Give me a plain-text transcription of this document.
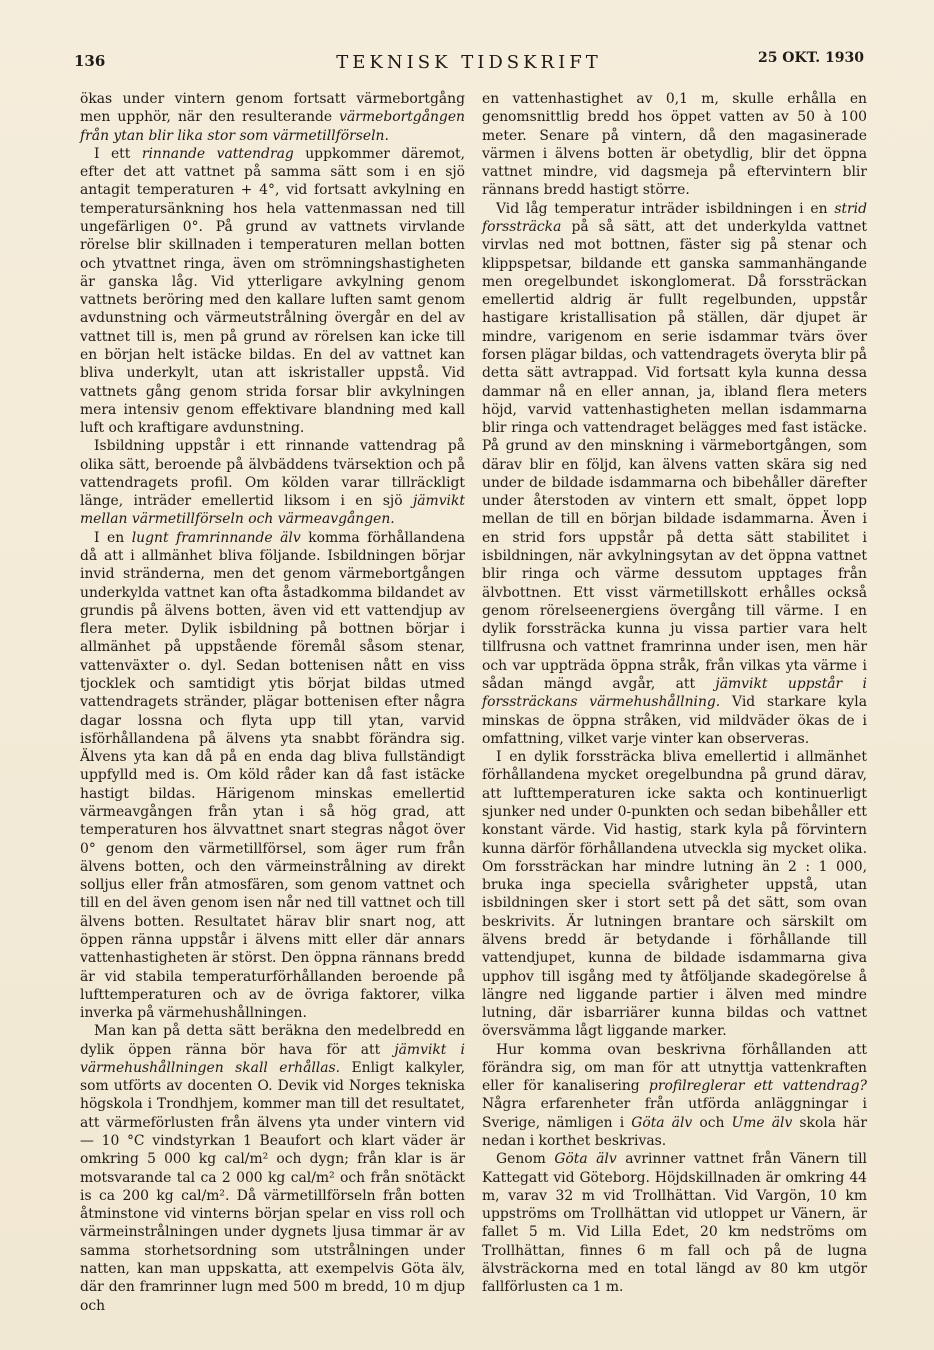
136	TEKNISK TIDSKRIFT	25 OKT. 1930

ökas under vintern genom fortsatt värmebortgång men upphör, när den resulterande värmebortgången från ytan blir lika stor som värmetillförseln.

I ett rinnande vattendrag uppkommer däremot, efter det att vattnet på samma sätt som i en sjö antagit temperaturen + 4°, vid fortsatt avkylning en temperatursänkning hos hela vattenmassan ned till ungefärligen 0°. På grund av vattnets virvlande rörelse blir skillnaden i temperaturen mellan botten och ytvattnet ringa, även om strömningshastigheten är ganska låg. Vid ytterligare avkylning genom vattnets beröring med den kallare luften samt genom avdunstning och värmeutstrålning övergår en del av vattnet till is, men på grund av rörelsen kan icke till en början helt istäcke bildas. En del av vattnet kan bliva underkylt, utan att iskristaller uppstå. Vid vattnets gång genom strida forsar blir avkylningen mera intensiv genom effektivare blandning med kall luft och kraftigare avdunstning.

Isbildning uppstår i ett rinnande vattendrag på olika sätt, beroende på älvbäddens tvärsektion och på vattendragets profil. Om kölden varar tillräckligt länge, inträder emellertid liksom i en sjö jämvikt mellan värmetillförseln och värmeavgången.

I en lugnt framrinnande älv komma förhållandena då att i allmänhet bliva följande. Isbildningen börjar invid stränderna, men det genom värmebortgången underkylda vattnet kan ofta åstadkomma bildandet av grundis på älvens botten, även vid ett vattendjup av flera meter. Dylik isbildning på bottnen börjar i allmänhet på uppstående föremål såsom stenar, vattenväxter o. dyl. Sedan bottenisen nått en viss tjocklek och samtidigt ytis börjat bildas utmed vattendragets stränder, plägar bottenisen efter några dagar lossna och flyta upp till ytan, varvid isförhållandena på älvens yta snabbt förändra sig. Älvens yta kan då på en enda dag bliva fullständigt uppfylld med is. Om köld råder kan då fast istäcke hastigt bildas. Härigenom minskas emellertid värmeavgången från ytan i så hög grad, att temperaturen hos älvvattnet snart stegras något över 0° genom den värmetillförsel, som äger rum från älvens botten, och den värmeinstrålning av direkt solljus eller från atmosfären, som genom vattnet och till en del även genom isen når ned till vattnet och till älvens botten. Resultatet härav blir snart nog, att öppen ränna uppstår i älvens mitt eller där annars vattenhastigheten är störst. Den öppna rännans bredd är vid stabila temperaturförhållanden beroende på lufttemperaturen och av de övriga faktorer, vilka inverka på värmehushållningen.

Man kan på detta sätt beräkna den medelbredd en dylik öppen ränna bör hava för att jämvikt i värmehushållningen skall erhållas. Enligt kalkyler, som utförts av docenten O. Devik vid Norges tekniska högskola i Trondhjem, kommer man till det resultatet, att värmeförlusten från älvens yta under vintern vid — 10 °C vindstyrkan 1 Beaufort och klart väder är omkring 5 000 kg cal/m² och dygn; från klar is är motsvarande tal ca 2 000 kg cal/m² och från snötäckt is ca 200 kg cal/m². Då värmetillförseln från botten åtminstone vid vinterns början spelar en viss roll och värmeinstrålningen under dygnets ljusa timmar är av samma storhetsordning som utstrålningen under natten, kan man uppskatta, att exempelvis Göta älv, där den framrinner lugn med 500 m bredd, 10 m djup och

en vattenhastighet av 0,1 m, skulle erhålla en genomsnittlig bredd hos öppet vatten av 50 à 100 meter. Senare på vintern, då den magasinerade värmen i älvens botten är obetydlig, blir det öppna vattnet mindre, vid dagsmeja på eftervintern blir rännans bredd hastigt större.

Vid låg temperatur inträder isbildningen i en strid forssträcka på så sätt, att det underkylda vattnet virvlas ned mot bottnen, fäster sig på stenar och klippspetsar, bildande ett ganska sammanhängande men oregelbundet iskonglomerat. Då forssträckan emellertid aldrig är fullt regelbunden, uppstår hastigare kristallisation på ställen, där djupet är mindre, varigenom en serie isdammar tvärs över forsen plägar bildas, och vattendragets överyta blir på detta sätt avtrappad. Vid fortsatt kyla kunna dessa dammar nå en eller annan, ja, ibland flera meters höjd, varvid vattenhastigheten mellan isdammarna blir ringa och vattendraget belägges med fast istäcke. På grund av den minskning i värmebortgången, som därav blir en följd, kan älvens vatten skära sig ned under de bildade isdammarna och bibehåller därefter under återstoden av vintern ett smalt, öppet lopp mellan de till en början bildade isdammarna. Även i en strid fors uppstår på detta sätt stabilitet i isbildningen, när avkylningsytan av det öppna vattnet blir ringa och värme dessutom upptages från älvbottnen. Ett visst värmetillskott erhålles också genom rörelseenergiens övergång till värme. I en dylik forssträcka kunna ju vissa partier vara helt tillfrusna och vattnet framrinna under isen, men här och var uppträda öppna stråk, från vilkas yta värme i sådan mängd avgår, att jämvikt uppstår i forssträckans värmehushållning. Vid starkare kyla minskas de öppna stråken, vid mildväder ökas de i omfattning, vilket varje vinter kan observeras.

I en dylik forssträcka bliva emellertid i allmänhet förhållandena mycket oregelbundna på grund därav, att lufttemperaturen icke sakta och kontinuerligt sjunker ned under 0-punkten och sedan bibehåller ett konstant värde. Vid hastig, stark kyla på förvintern kunna därför förhållandena utveckla sig mycket olika. Om forssträckan har mindre lutning än 2 : 1 000, bruka inga speciella svårigheter uppstå, utan isbildningen sker i stort sett på det sätt, som ovan beskrivits. Är lutningen brantare och särskilt om älvens bredd är betydande i förhållande till vattendjupet, kunna de bildade isdammarna giva upphov till isgång med ty åtföljande skadegörelse å längre ned liggande partier i älven med mindre lutning, där isbarriärer kunna bildas och vattnet översvämma lågt liggande marker.

Hur komma ovan beskrivna förhållanden att förändra sig, om man för att utnyttja vattenkraften eller för kanalisering profilreglerar ett vattendrag? Några erfarenheter från utförda anläggningar i Sverige, nämligen i Göta älv och Ume älv skola här nedan i korthet beskrivas.

Genom Göta älv avrinner vattnet från Vänern till Kattegatt vid Göteborg. Höjdskillnaden är omkring 44 m, varav 32 m vid Trollhättan. Vid Vargön, 10 km uppströms om Trollhättan vid utloppet ur Vänern, är fallet 5 m. Vid Lilla Edet, 20 km nedströms om Trollhättan, finnes 6 m fall och på de lugna älvsträckorna med en total längd av 80 km utgör fallförlusten ca 1 m.
